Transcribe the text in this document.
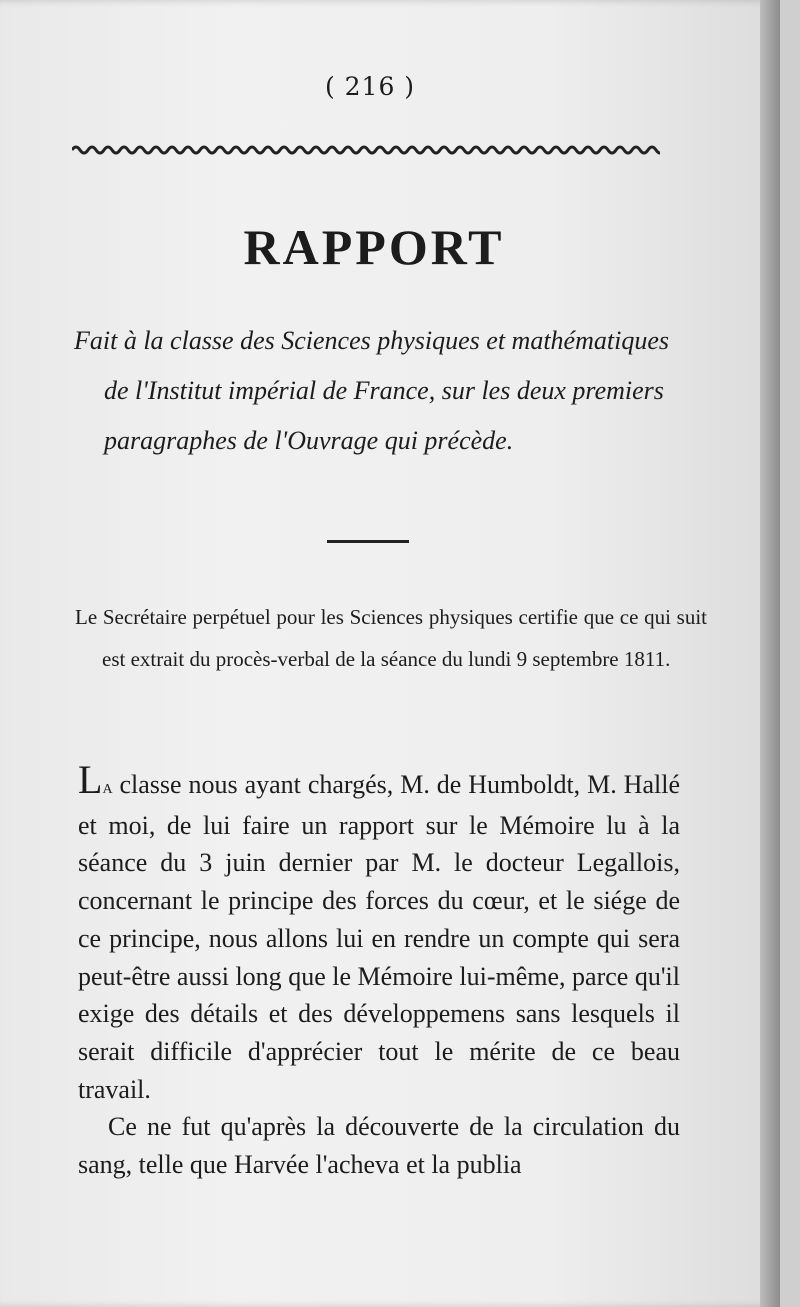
( 216 )
RAPPORT
Fait à la classe des Sciences physiques et mathématiques de l'Institut impérial de France, sur les deux premiers paragraphes de l'Ouvrage qui précède.
Le Secrétaire perpétuel pour les Sciences physiques certifie que ce qui suit est extrait du procès-verbal de la séance du lundi 9 septembre 1811.

La classe nous ayant chargés, M. de Humboldt, M. Hallé et moi, de lui faire un rapport sur le Mémoire lu à la séance du 3 juin dernier par M. le docteur Legallois, concernant le principe des forces du cœur, et le siége de ce principe, nous allons lui en rendre un compte qui sera peut-être aussi long que le Mémoire lui-même, parce qu'il exige des détails et des développemens sans lesquels il serait difficile d'apprécier tout le mérite de ce beau travail.

Ce ne fut qu'après la découverte de la circulation du sang, telle que Harvée l'acheva et la publia
